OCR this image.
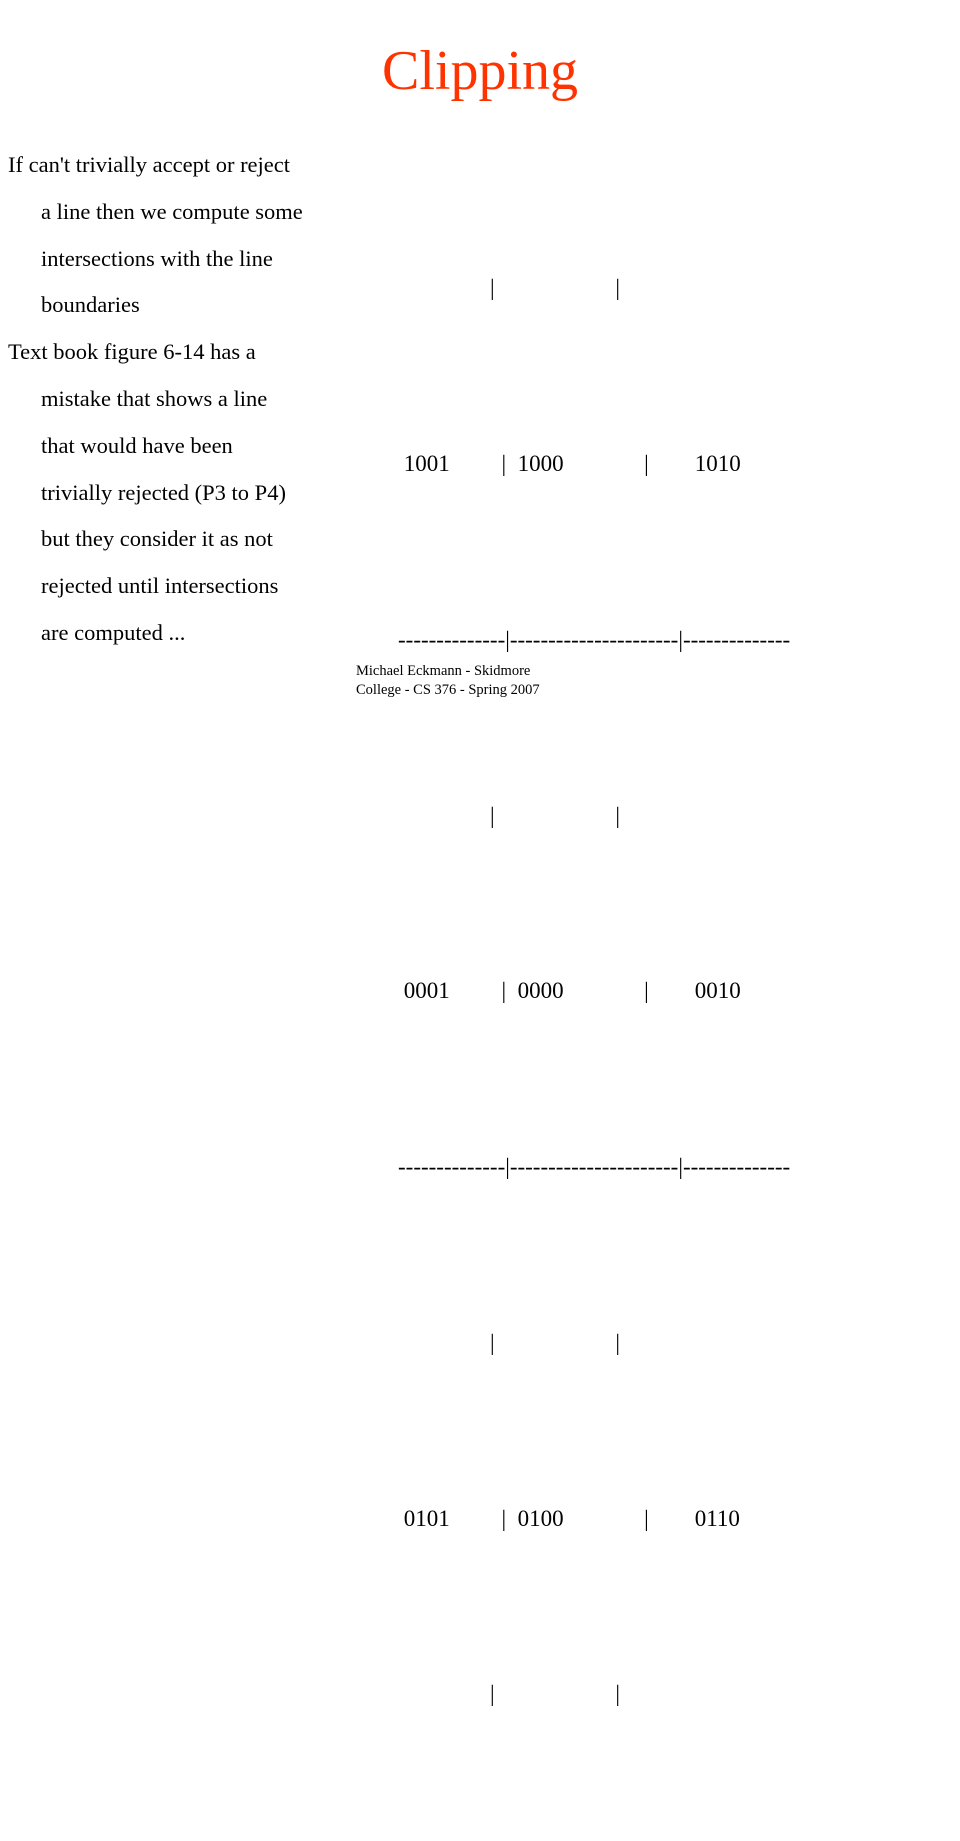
Clipping
If can't trivially accept or reject
a line then we compute some
intersections with the line
boundaries
Text book figure 6-14 has a
mistake that shows a line
that would have been
trivially rejected (P3 to P4)
but they consider it as not
rejected until intersections
are computed ...

|                     |

1001         |  1000              |        1010

--------------|----------------------|--------------

|                     |

0001         |  0000              |        0010

--------------|----------------------|--------------

|                     |

0101         |  0100              |        0110

|                     |

Michael Eckmann - Skidmore
College - CS 376 - Spring 2007
